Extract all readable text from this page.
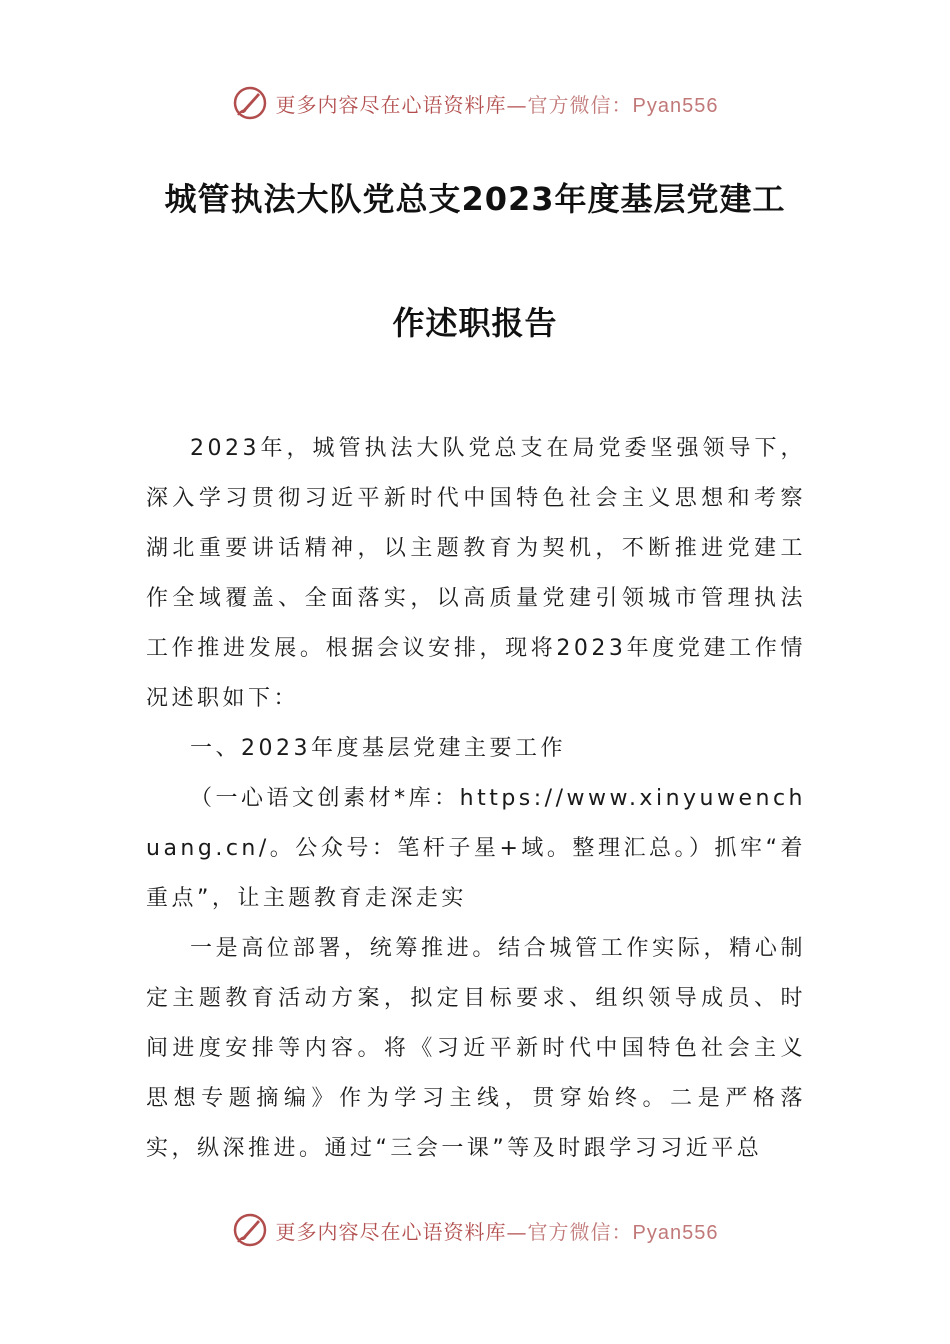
更多内容尽在心语资料库—官方微信：Pyan556
城管执法大队党总支2023年度基层党建工
作述职报告

2023年，城管执法大队党总支在局党委坚强领导下，深入学习贯彻习近平新时代中国特色社会主义思想和考察湖北重要讲话精神，以主题教育为契机，不断推进党建工作全域覆盖、全面落实，以高质量党建引领城市管理执法工作推进发展。根据会议安排，现将2023年度党建工作情况述职如下：

一、2023年度基层党建主要工作

（一心语文创素材*库：https://www.xinyuwenchuang.cn/。公众号：笔杆子星+域。整理汇总。）抓牢“着重点”，让主题教育走深走实

一是高位部署，统筹推进。结合城管工作实际，精心制定主题教育活动方案，拟定目标要求、组织领导成员、时间进度安排等内容。将《习近平新时代中国特色社会主义思想专题摘编》作为学习主线，贯穿始终。二是严格落实，纵深推进。通过“三会一课”等及时跟学习习近平总

更多内容尽在心语资料库—官方微信：Pyan556
